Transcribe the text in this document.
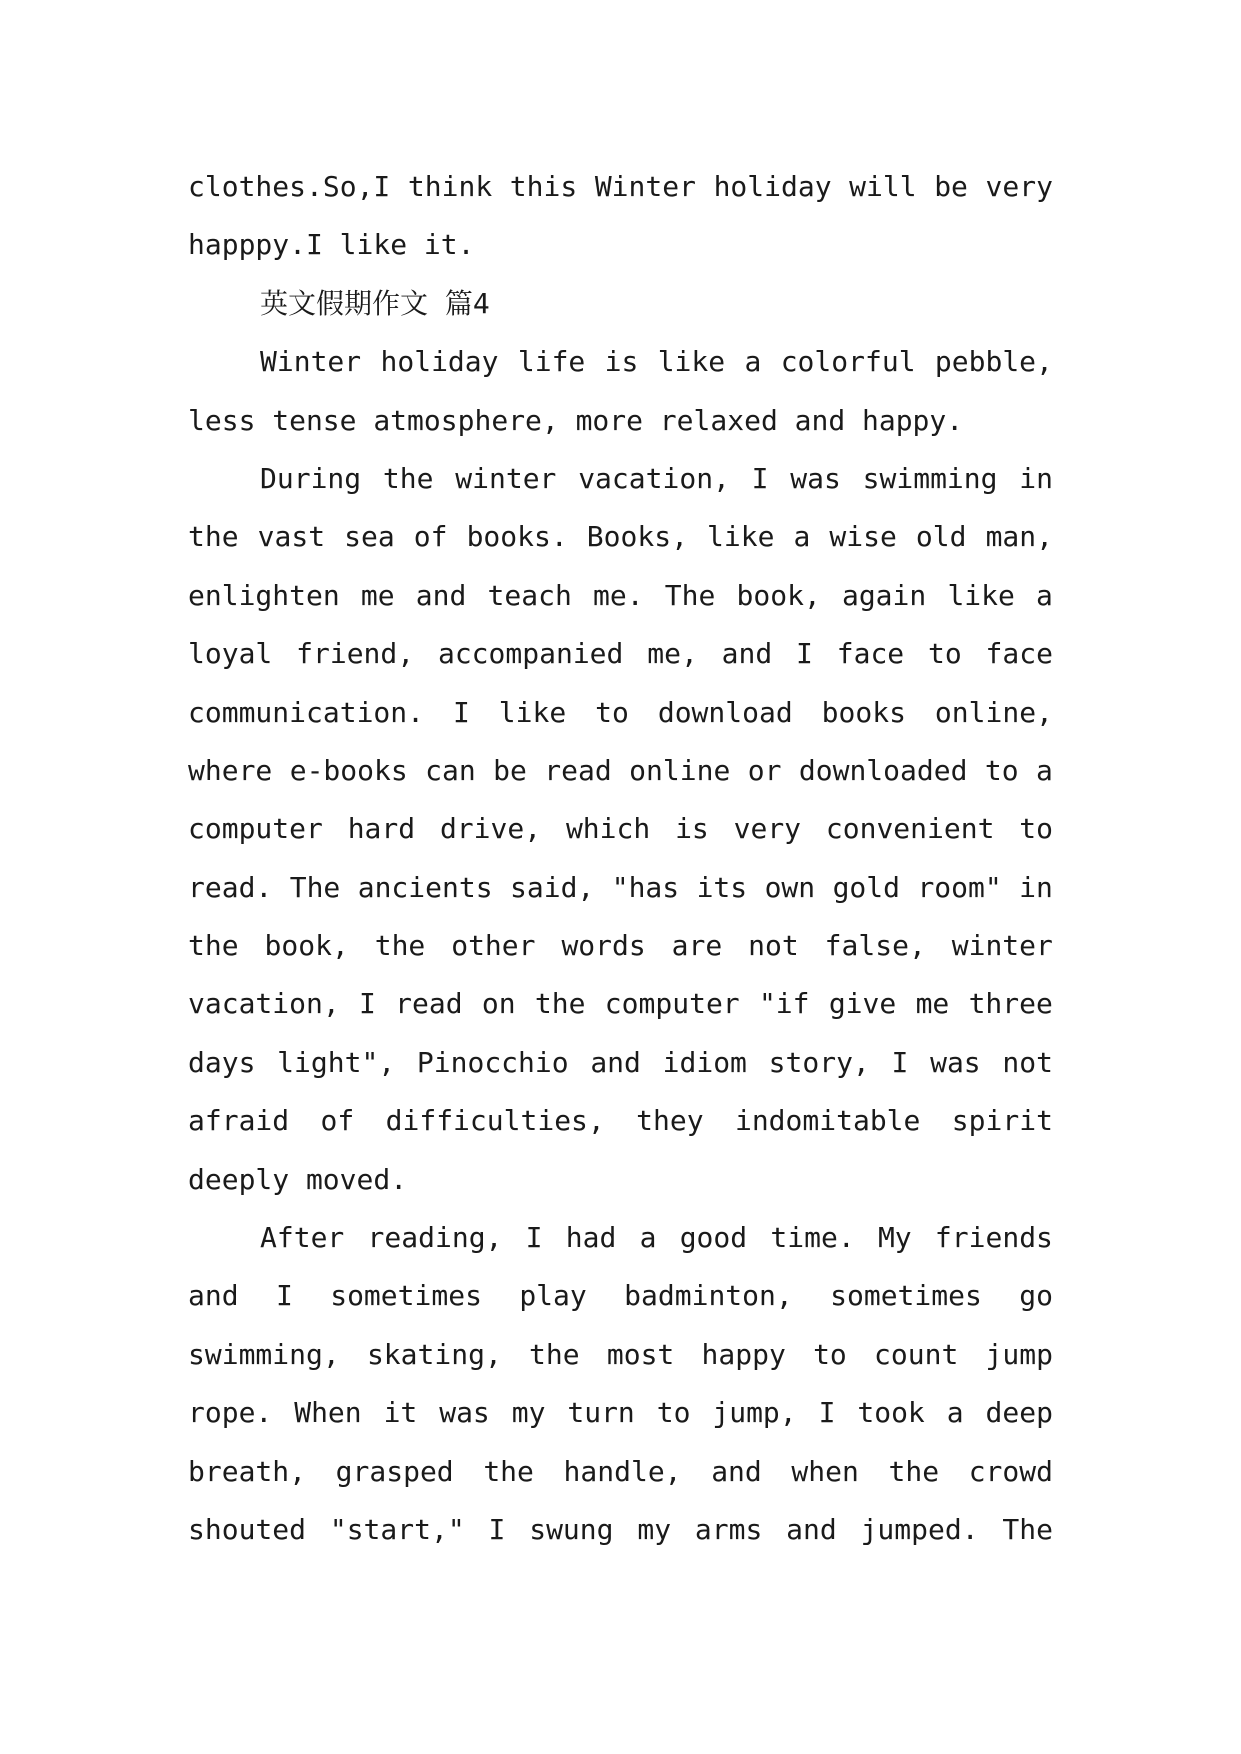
clothes.So,I think this Winter holiday will be very
happpy.I like it.
英文假期作文 篇4
Winter holiday life is like a colorful pebble,
less tense atmosphere, more relaxed and happy.
During the winter vacation, I was swimming in
the vast sea of books. Books, like a wise old man,
enlighten me and teach me. The book, again like a
loyal friend, accompanied me, and I face to face
communication. I like to download books online,
where e-books can be read online or downloaded to a
computer hard drive, which is very convenient to
read. The ancients said, "has its own gold room" in
the book, the other words are not false, winter
vacation, I read on the computer "if give me three
days light", Pinocchio and idiom story, I was not
afraid of difficulties, they indomitable spirit
deeply moved.
After reading, I had a good time. My friends
and I sometimes play badminton, sometimes go
swimming, skating, the most happy to count jump
rope. When it was my turn to jump, I took a deep
breath, grasped the handle, and when the crowd
shouted "start," I swung my arms and jumped. The
